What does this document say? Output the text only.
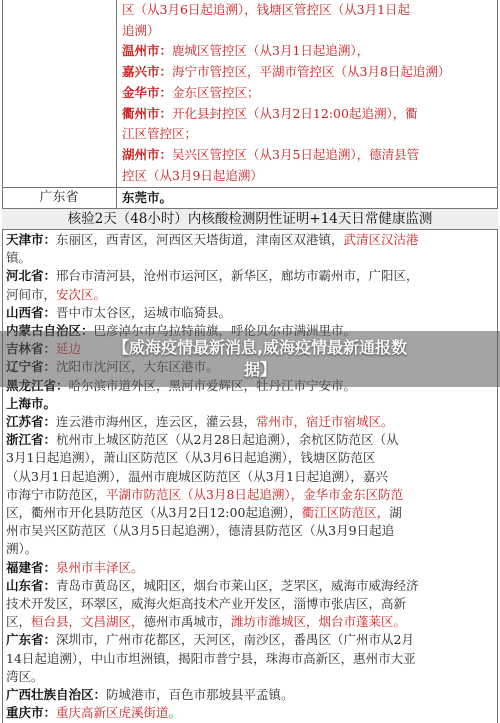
区（从3月6日起追溯），钱塘区管控区（从3月1日起
追溯）
温州市：鹿城区管控区（从3月1日起追溯），
嘉兴市：海宁市管控区，平湖市管控区（从3月8日起追溯）
金华市：金东区管控区；
衢州市：开化县封控区（从3月2日12:00起追溯），衢
江区管控区；
湖州市：吴兴区管控区（从3月5日起追溯），德清县管
控区（从3月9日起追溯）
广东省	东莞市。
核验2天（48小时）内核酸检测阴性证明+14天日常健康监测
天津市：东丽区，西青区，河西区天塔街道，津南区双港镇，武清区汉沽港
镇。
河北省：邢台市清河县，沧州市运河区，新华区，廊坊市霸州市，广阳区，
河间市，安次区。
山西省：晋中市太谷区，运城市临猗县。
上海市。
江苏省：连云港市海州区，连云区，灌云县，常州市，宿迁市宿城区。
浙江省：杭州市上城区防范区（从2月28日起追溯），余杭区防范区（从
3月1日起追溯），萧山区防范区（从3月6日起追溯），钱塘区防范区
（从3月1日起追溯），温州市鹿城区防范区（从3月1日起追溯），嘉兴
市海宁市防范区，平湖市防范区（从3月8日起追溯），金华市金东区防范
区，衢州市开化县防范区（从3月2日12:00起追溯），衢江区防范区，湖
州市吴兴区防范区（从3月5日起追溯），德清县防范区（从3月9日起追
溯）。
福建省：泉州市丰泽区。
山东省：青岛市黄岛区，城阳区，烟台市莱山区，芝罘区，威海市威海经济
技术开发区，环翠区，威海火炬高技术产业开发区，淄博市张店区，高新
区，桓台县，文昌湖区，德州市禹城市，潍坊市潍城区，烟台市蓬莱区。
广东省：深圳市，广州市花都区，天河区，南沙区，番禺区（广州市从2月
14日起追溯），中山市坦洲镇，揭阳市普宁县，珠海市高新区，惠州市大亚
湾区。
广西壮族自治区：防城港市，百色市那坡县平孟镇。
重庆市：重庆高新区虎溪街道。
【威海疫情最新消息,威海疫情最新通报数据】
